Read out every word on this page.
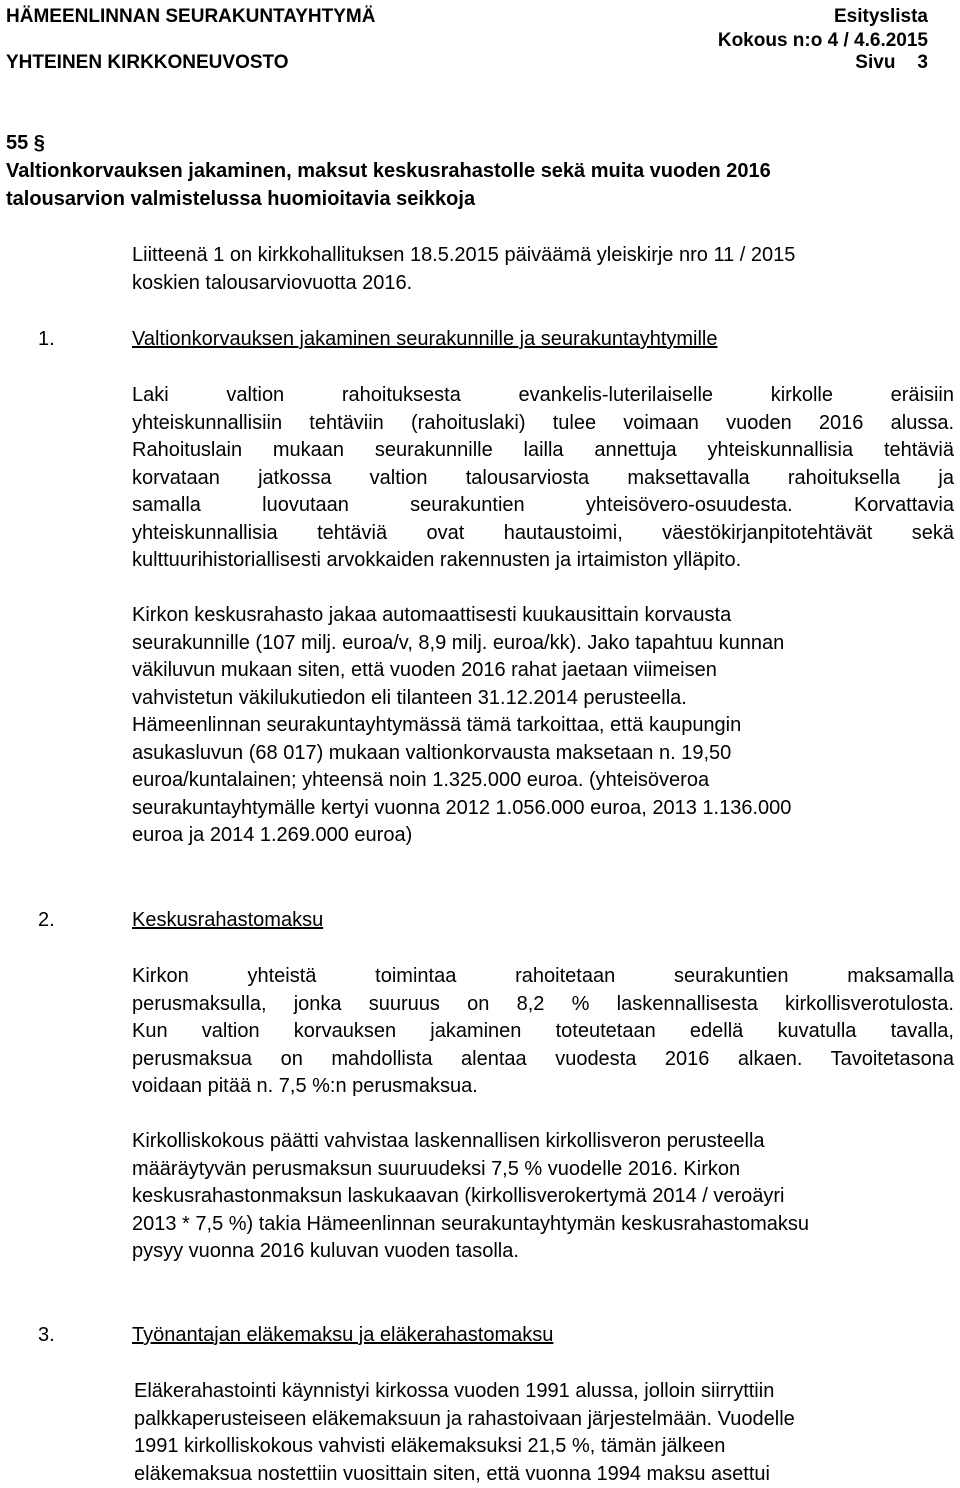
HÄMEENLINNAN SEURAKUNTAYHTYMÄ	Esityslista
Kokous n:o 4 / 4.6.2015
YHTEINEN KIRKKONEUVOSTO	Sivu 3
55 §
Valtionkorvauksen jakaminen, maksut keskusrahastolle sekä muita vuoden 2016
talousarvion valmistelussa huomioitavia seikkoja
Liitteenä 1 on kirkkohallituksen 18.5.2015 päiväämä yleiskirje nro 11 / 2015
koskien talousarviovuotta 2016.
1.	Valtionkorvauksen jakaminen seurakunnille ja seurakuntayhtymille
Laki valtion rahoituksesta evankelis-luterilaiselle kirkolle eräisiin
yhteiskunnallisiin tehtäviin (rahoituslaki) tulee voimaan vuoden 2016 alussa.
Rahoituslain mukaan seurakunnille lailla annettuja yhteiskunnallisia tehtäviä
korvataan jatkossa valtion talousarviosta maksettavalla rahoituksella ja
samalla luovutaan seurakuntien yhteisövero-osuudesta. Korvattavia
yhteiskunnallisia tehtäviä ovat hautaustoimi, väestökirjanpitotehtävät sekä
kulttuurihistoriallisesti arvokkaiden rakennusten ja irtaimiston ylläpito.
Kirkon keskusrahasto jakaa automaattisesti kuukausittain korvausta
seurakunnille (107 milj. euroa/v, 8,9 milj. euroa/kk). Jako tapahtuu kunnan
väkiluvun mukaan siten, että vuoden 2016 rahat jaetaan viimeisen
vahvistetun väkilukutiedon eli tilanteen 31.12.2014 perusteella.
Hämeenlinnan seurakuntayhtymässä tämä tarkoittaa, että kaupungin
asukasluvun (68 017) mukaan valtionkorvausta maksetaan n. 19,50
euroa/kuntalainen; yhteensä noin 1.325.000 euroa. (yhteisöveroa
seurakuntayhtymälle kertyi vuonna 2012 1.056.000 euroa, 2013 1.136.000
euroa ja 2014 1.269.000 euroa)
2.	Keskusrahastomaksu
Kirkon yhteistä toimintaa rahoitetaan seurakuntien maksamalla
perusmaksulla, jonka suuruus on 8,2 % laskennallisesta kirkollisverotulosta.
Kun valtion korvauksen jakaminen toteutetaan edellä kuvatulla tavalla,
perusmaksua on mahdollista alentaa vuodesta 2016 alkaen. Tavoitetasona
voidaan pitää n. 7,5 %:n perusmaksua.
Kirkolliskokous päätti vahvistaa laskennallisen kirkollisveron perusteella
määräytyvän perusmaksun suuruudeksi 7,5 % vuodelle 2016. Kirkon
keskusrahastonmaksun laskukaavan (kirkollisverokertymä 2014 / veroäyri
2013 * 7,5 %) takia Hämeenlinnan seurakuntayhtymän keskusrahastomaksu
pysyy vuonna 2016 kuluvan vuoden tasolla.
3.	Työnantajan eläkemaksu ja eläkerahastomaksu
Eläkerahastointi käynnistyi kirkossa vuoden 1991 alussa, jolloin siirryttiin
palkkaperusteiseen eläkemaksuun ja rahastoivaan järjestelmään. Vuodelle
1991 kirkolliskokous vahvisti eläkemaksuksi 21,5 %, tämän jälkeen
eläkemaksua nostettiin vuosittain siten, että vuonna 1994 maksu asettui
